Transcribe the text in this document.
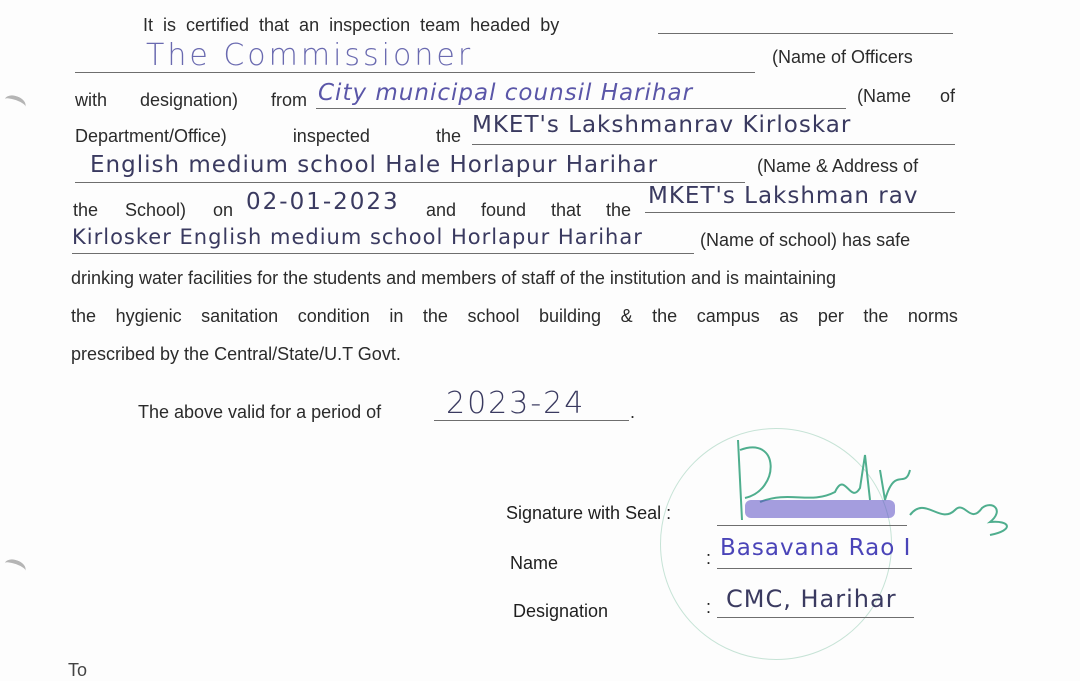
It is certified that an inspection team headed by
The Commissioner	(Name of Officers
with designation) from City municipal counsil Harihar	(Name of
Department/Office)	inspected	the MKET's Lakshmanrav Kirloskar
English medium school Hale Horlapur Harihar	(Name & Address of
the School) on 02-01-2023 and found that the
MKET's Lakshman rav
Kirlosker English medium school Horlapur Harihar	(Name of school) has safe
drinking water facilities for the students and members of staff of the institution and is maintaining
the hygienic sanitation condition in the school building & the campus as per the norms
prescribed by the Central/State/U.T Govt.
The above valid for a period of 2023-24 .
Signature with Seal :
Name	: Basavana Rao I
Designation	: CMC, Harihar
To
